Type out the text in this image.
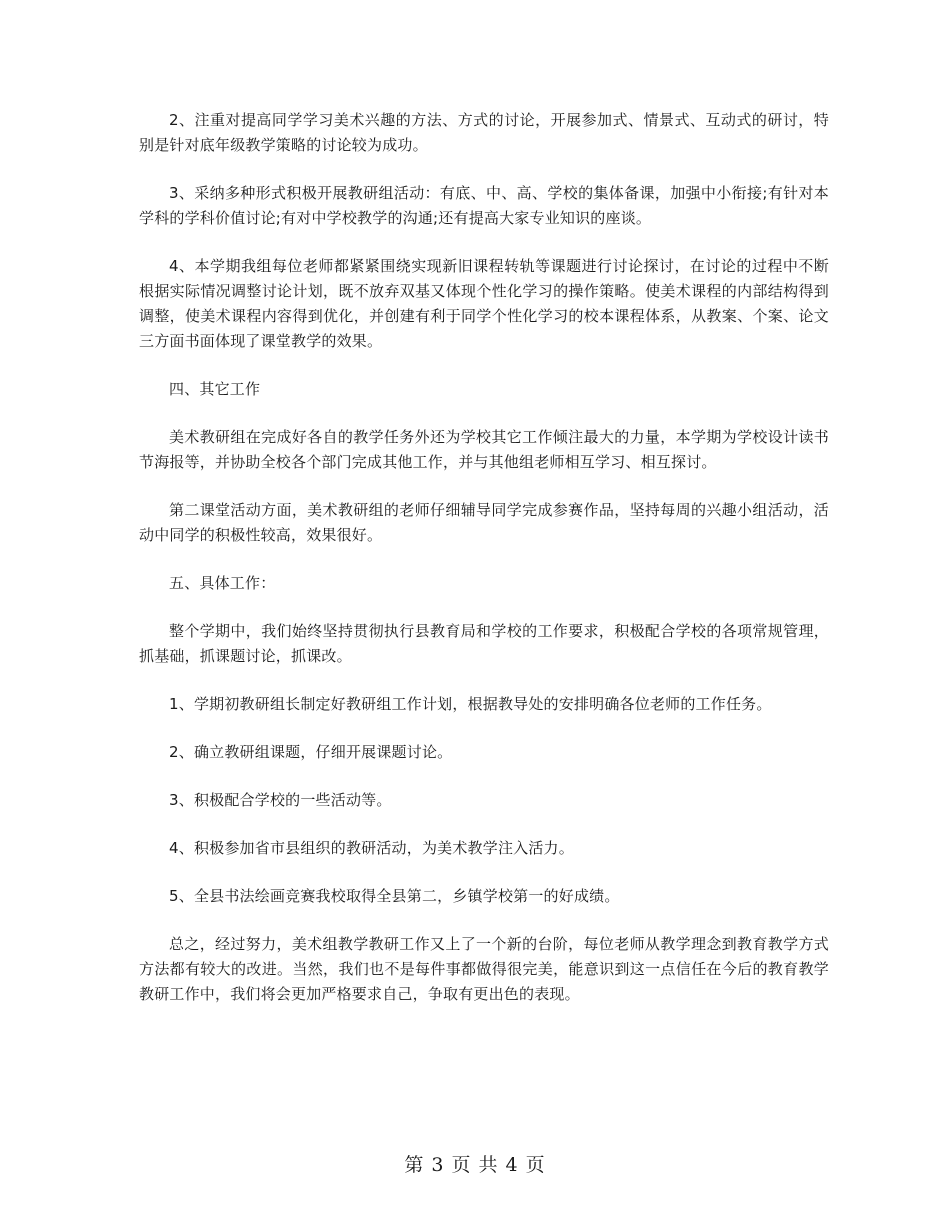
2、注重对提高同学学习美术兴趣的方法、方式的讨论，开展参加式、情景式、互动式的研讨，特别是针对底年级教学策略的讨论较为成功。

3、采纳多种形式积极开展教研组活动：有底、中、高、学校的集体备课，加强中小衔接;有针对本学科的学科价值讨论;有对中学校教学的沟通;还有提高大家专业知识的座谈。

4、本学期我组每位老师都紧紧围绕实现新旧课程转轨等课题进行讨论探讨，在讨论的过程中不断根据实际情况调整讨论计划，既不放弃双基又体现个性化学习的操作策略。使美术课程的内部结构得到调整，使美术课程内容得到优化，并创建有利于同学个性化学习的校本课程体系，从教案、个案、论文三方面书面体现了课堂教学的效果。

四、其它工作

美术教研组在完成好各自的教学任务外还为学校其它工作倾注最大的力量，本学期为学校设计读书节海报等，并协助全校各个部门完成其他工作，并与其他组老师相互学习、相互探讨。

第二课堂活动方面，美术教研组的老师仔细辅导同学完成参赛作品，坚持每周的兴趣小组活动，活动中同学的积极性较高，效果很好。

五、具体工作：

整个学期中，我们始终坚持贯彻执行县教育局和学校的工作要求，积极配合学校的各项常规管理，抓基础，抓课题讨论，抓课改。

1、学期初教研组长制定好教研组工作计划，根据教导处的安排明确各位老师的工作任务。

2、确立教研组课题，仔细开展课题讨论。

3、积极配合学校的一些活动等。

4、积极参加省市县组织的教研活动，为美术教学注入活力。

5、全县书法绘画竞赛我校取得全县第二，乡镇学校第一的好成绩。

总之，经过努力，美术组教学教研工作又上了一个新的台阶，每位老师从教学理念到教育教学方式方法都有较大的改进。当然，我们也不是每件事都做得很完美，能意识到这一点信任在今后的教育教学教研工作中，我们将会更加严格要求自己，争取有更出色的表现。

第 3 页 共 4 页
